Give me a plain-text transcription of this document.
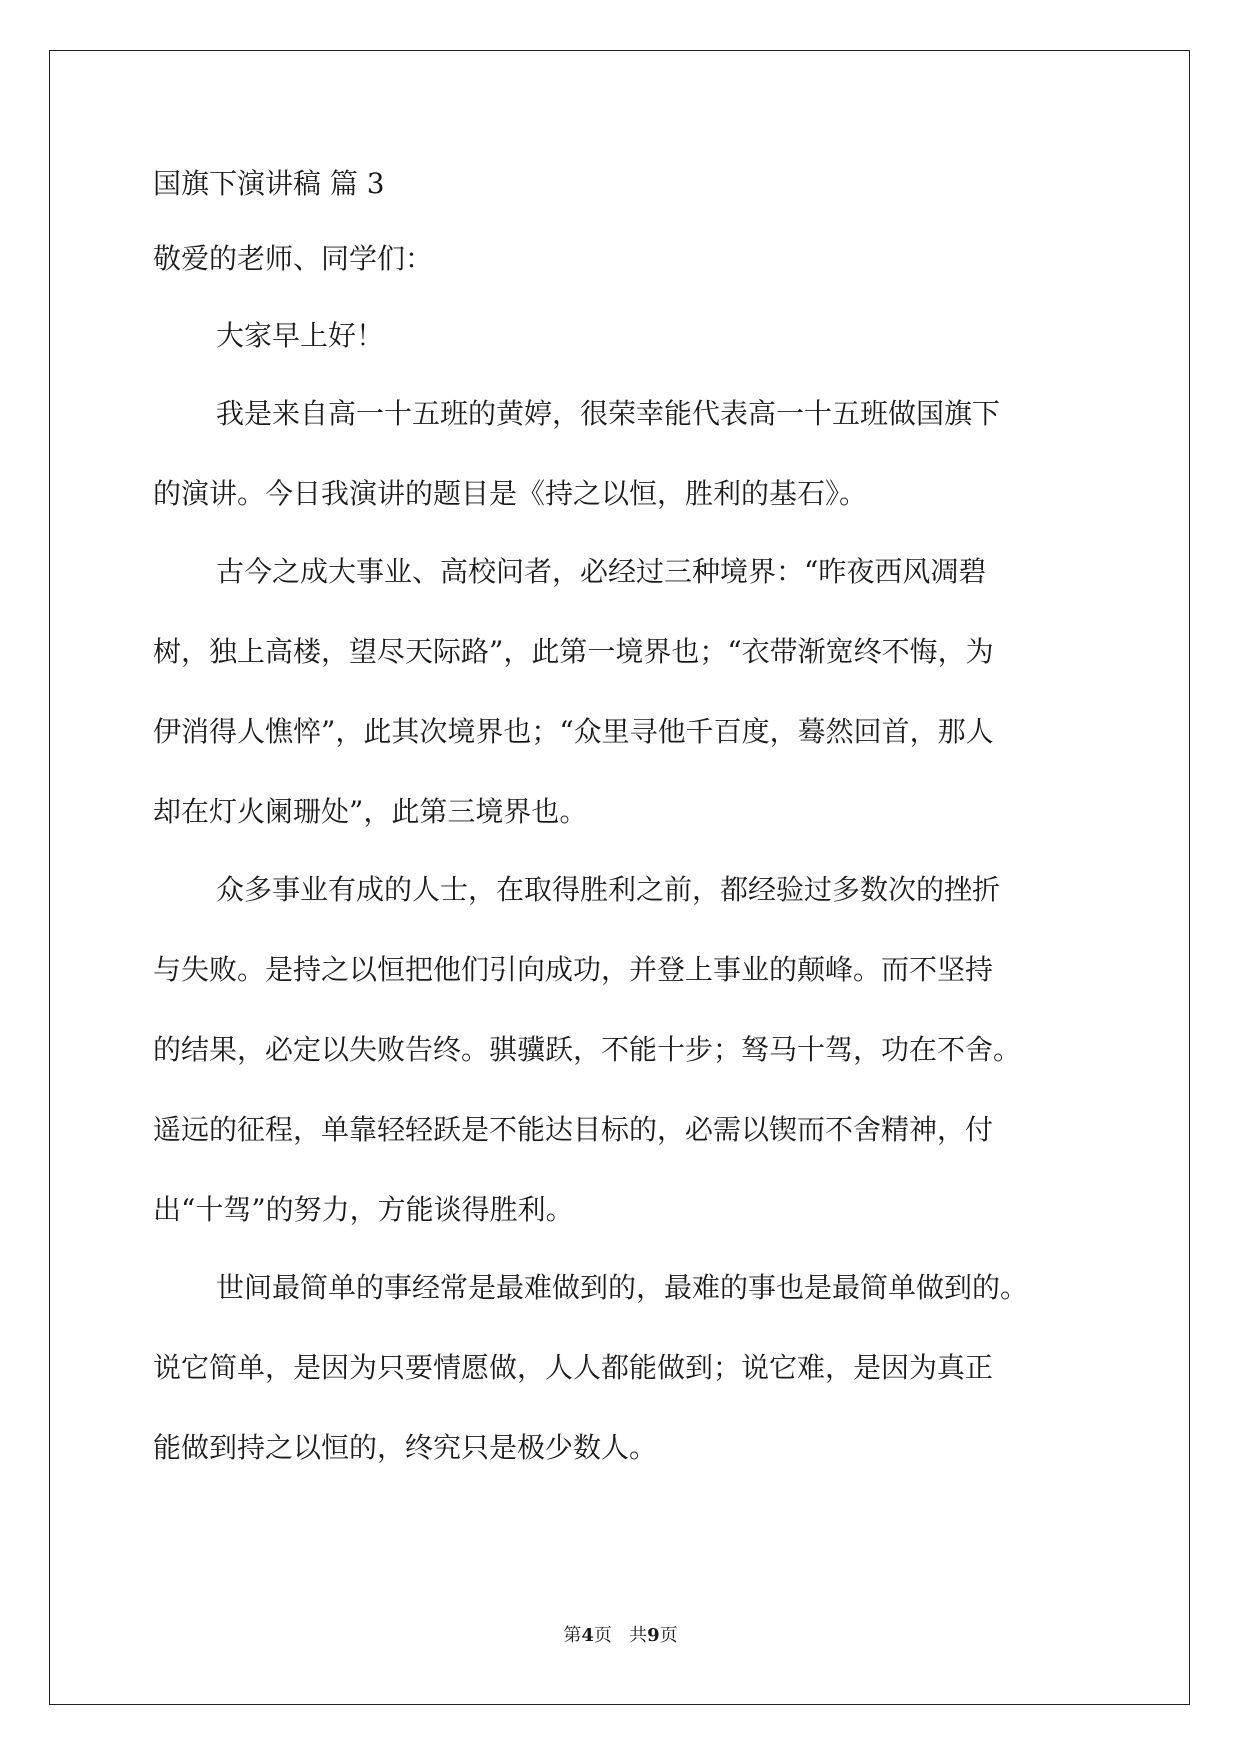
国旗下演讲稿 篇 3
敬爱的老师、同学们：
大家早上好！
我是来自高一十五班的黄婷，很荣幸能代表高一十五班做国旗下
的演讲。今日我演讲的题目是《持之以恒，胜利的基石》。
古今之成大事业、高校问者，必经过三种境界：“昨夜西风凋碧
树，独上高楼，望尽天际路”，此第一境界也；“衣带渐宽终不悔，为
伊消得人憔悴”，此其次境界也；“众里寻他千百度，蓦然回首，那人
却在灯火阑珊处”，此第三境界也。
众多事业有成的人士，在取得胜利之前，都经验过多数次的挫折
与失败。是持之以恒把他们引向成功，并登上事业的颠峰。而不坚持
的结果，必定以失败告终。骐骥跃，不能十步；驽马十驾，功在不舍。
遥远的征程，单靠轻轻跃是不能达目标的，必需以锲而不舍精神，付
出“十驾”的努力，方能谈得胜利。
世间最简单的事经常是最难做到的，最难的事也是最简单做到的。
说它简单，是因为只要情愿做，人人都能做到；说它难，是因为真正
能做到持之以恒的，终究只是极少数人。
第4页 共9页
